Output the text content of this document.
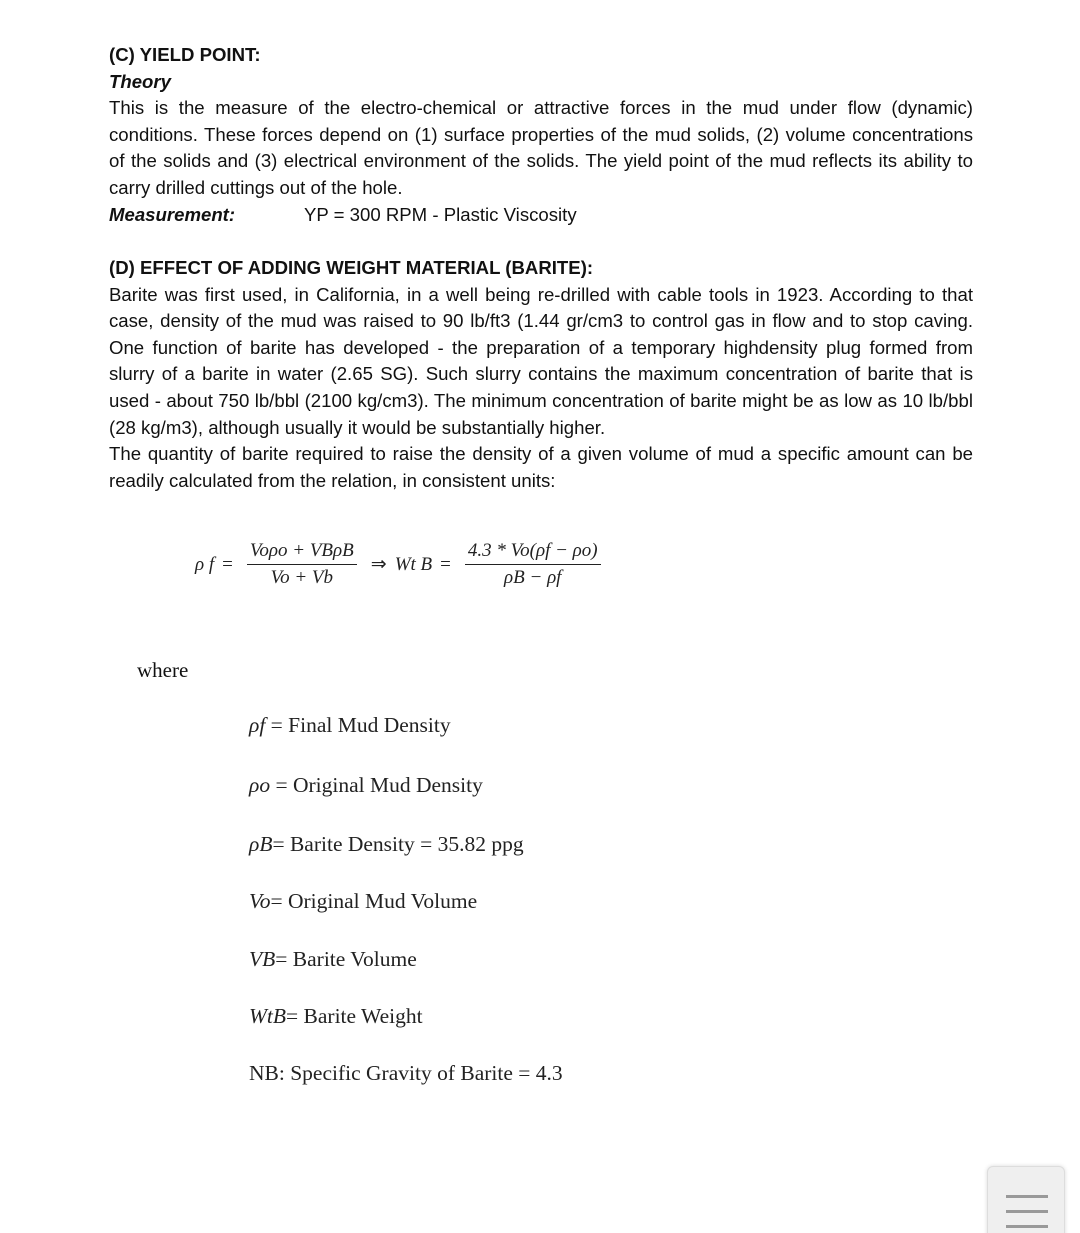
(C) YIELD POINT:

Theory

This is the measure of the electro-chemical or attractive forces in the mud under flow (dynamic) conditions. These forces depend on (1) surface properties of the mud solids, (2) volume concentrations of the solids and (3) electrical environment of the solids. The yield point of the mud reflects its ability to carry drilled cuttings out of the hole.

Measurement:	YP = 300 RPM - Plastic Viscosity

(D) EFFECT OF ADDING WEIGHT MATERIAL (BARITE):

Barite was first used, in California, in a well being re-drilled with cable tools in 1923. According to that case, density of the mud was raised to 90 lb/ft3 (1.44 gr/cm3 to control gas in flow and to stop caving. One function of barite has developed - the preparation of a temporary highdensity plug formed from slurry of a barite in water (2.65 SG). Such slurry contains the maximum concentration of barite that is used - about 750 lb/bbl (2100 kg/cm3). The minimum concentration of barite might be as low as 10 lb/bbl (28 kg/m3), although usually it would be substantially higher.

The quantity of barite required to raise the density of a given volume of mud a specific amount can be readily calculated from the relation, in consistent units:

ρ $f = \frac{\text{Voρo + VBρB}}{Vo + Vb}$ ⇒ Wt $B = \frac{4.3 * Vo(\rho f - \rho o)}{\rho B - \rho f}$
where
ρf = Final Mud Density
ρo = Original Mud Density
ρB= Barite Density = 35.82 ppg
Vo= Original Mud Volume
VB= Barite Volume
WtB= Barite Weight
NB: Specific Gravity of Barite = 4.3
